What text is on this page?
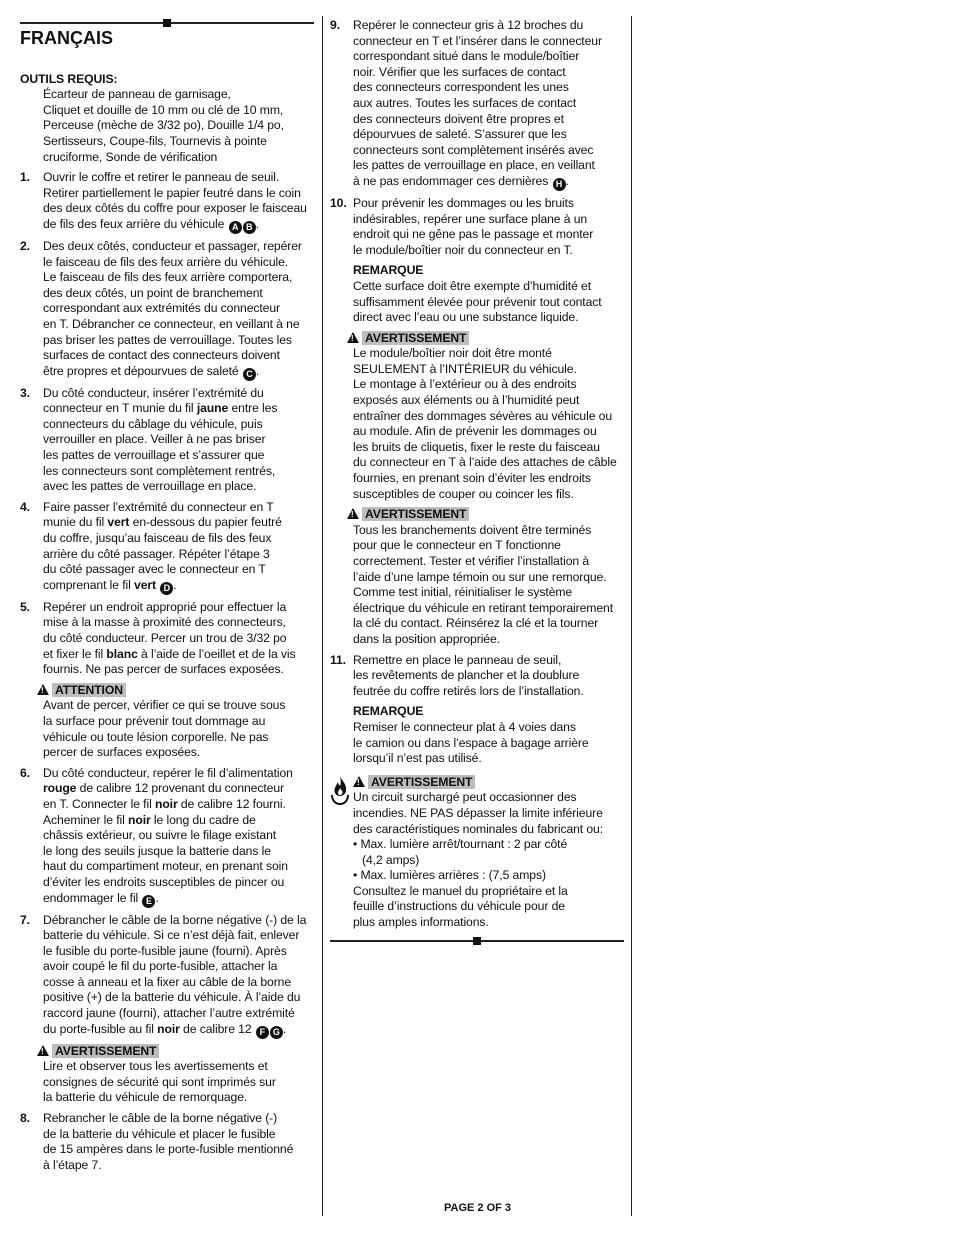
FRANÇAIS
OUTILS REQUIS:
Écarteur de panneau de garnisage,
Cliquet et douille de 10 mm ou clé de 10 mm,
Perceuse (mèche de 3/32 po), Douille 1/4 po,
Sertisseurs, Coupe-fils, Tournevis à pointe
cruciforme, Sonde de vérification
1. Ouvrir le coffre et retirer le panneau de seuil.
Retirer partiellement le papier feutré dans le coin
des deux côtés du coffre pour exposer le faisceau
de fils des feux arrière du véhicule A B .
2. Des deux côtés, conducteur et passager, repérer
le faisceau de fils des feux arrière du véhicule.
Le faisceau de fils des feux arrière comportera,
des deux côtés, un point de branchement
correspondant aux extrémités du connecteur
en T. Débrancher ce connecteur, en veillant à ne
pas briser les pattes de verrouillage. Toutes les
surfaces de contact des connecteurs doivent
être propres et dépourvues de saleté C .
3. Du côté conducteur, insérer l’extrémité du
connecteur en T munie du fil jaune entre les
connecteurs du câblage du véhicule, puis
verrouiller en place. Veiller à ne pas briser
les pattes de verrouillage et s’assurer que
les connecteurs sont complètement rentrés,
avec les pattes de verrouillage en place.
4. Faire passer l’extrémité du connecteur en T
munie du fil vert en-dessous du papier feutré
du coffre, jusqu’au faisceau de fils des feux
arrière du côté passager. Répéter l’étape 3
du côté passager avec le connecteur en T
comprenant le fil vert D .
5. Repérer un endroit approprié pour effectuer la
mise à la masse à proximité des connecteurs,
du côté conducteur. Percer un trou de 3/32 po
et fixer le fil blanc à l’aide de l’oeillet et de la vis
fournis. Ne pas percer de surfaces exposées.
!ATTENTION
Avant de percer, vérifier ce qui se trouve sous
la surface pour prévenir tout dommage au
véhicule ou toute lésion corporelle. Ne pas
percer de surfaces exposées.
6. Du côté conducteur, repérer le fil d’alimentation
rouge de calibre 12 provenant du connecteur
en T. Connecter le fil noir de calibre 12 fourni.
Acheminer le fil noir le long du cadre de
châssis extérieur, ou suivre le filage existant
le long des seuils jusque la batterie dans le
haut du compartiment moteur, en prenant soin
d’éviter les endroits susceptibles de pincer ou
endommager le fil E .
7. Débrancher le câble de la borne négative (-) de la
batterie du véhicule. Si ce n’est déjà fait, enlever
le fusible du porte-fusible jaune (fourni). Après
avoir coupé le fil du porte-fusible, attacher la
cosse à anneau et la fixer au câble de la borne
positive (+) de la batterie du véhicule. À l’aide du
raccord jaune (fourni), attacher l’autre extrémité
du porte-fusible au fil noir de calibre 12 F G .
!AVERTISSEMENT
Lire et observer tous les avertissements et
consignes de sécurité qui sont imprimés sur
la batterie du véhicule de remorquage.
8. Rebrancher le câble de la borne négative (-)
de la batterie du véhicule et placer le fusible
de 15 ampères dans le porte-fusible mentionné
à l’étape 7.
9. Repérer le connecteur gris à 12 broches du
connecteur en T et l’insérer dans le connecteur
correspondant situé dans le module/boîtier
noir. Vérifier que les surfaces de contact
des connecteurs correspondent les unes
aux autres. Toutes les surfaces de contact
des connecteurs doivent être propres et
dépourvues de saleté. S’assurer que les
connecteurs sont complètement insérés avec
les pattes de verrouillage en place, en veillant
à ne pas endommager ces dernières H .
10. Pour prévenir les dommages ou les bruits
indésirables, repérer une surface plane à un
endroit qui ne gêne pas le passage et monter
le module/boîtier noir du connecteur en T.
REMARQUE
Cette surface doit être exempte d’humidité et
suffisamment élevée pour prévenir tout contact
direct avec l’eau ou une substance liquide.
!AVERTISSEMENT
Le module/boîtier noir doit être monté
SEULEMENT à l’INTÉRIEUR du véhicule.
Le montage à l’extérieur ou à des endroits
exposés aux éléments ou à l’humidité peut
entraîner des dommages sévères au véhicule ou
au module. Afin de prévenir les dommages ou
les bruits de cliquetis, fixer le reste du faisceau
du connecteur en T à l’aide des attaches de câble
fournies, en prenant soin d’éviter les endroits
susceptibles de couper ou coincer les fils.
!AVERTISSEMENT
Tous les branchements doivent être terminés
pour que le connecteur en T fonctionne
correctement. Tester et vérifier l’installation à
l’aide d’une lampe témoin ou sur une remorque.
Comme test initial, réinitialiser le système
électrique du véhicule en retirant temporairement
la clé du contact. Réinsérez la clé et la tourner
dans la position appropriée.
11. Remettre en place le panneau de seuil,
les revêtements de plancher et la doublure
feutrée du coffre retirés lors de l’installation.
REMARQUE
Remiser le connecteur plat à 4 voies dans
le camion ou dans l’espace à bagage arrière
lorsqu’il n’est pas utilisé.
!AVERTISSEMENT
Un circuit surchargé peut occasionner des
incendies. NE PAS dépasser la limite inférieure
des caractéristiques nominales du fabricant ou:
• Max. lumière arrêt/tournant : 2 par côté
(4,2 amps)
• Max. lumières arrières : (7,5 amps)
Consultez le manuel du propriétaire et la
feuille d’instructions du véhicule pour de
plus amples informations.
PAGE 2 OF 3
